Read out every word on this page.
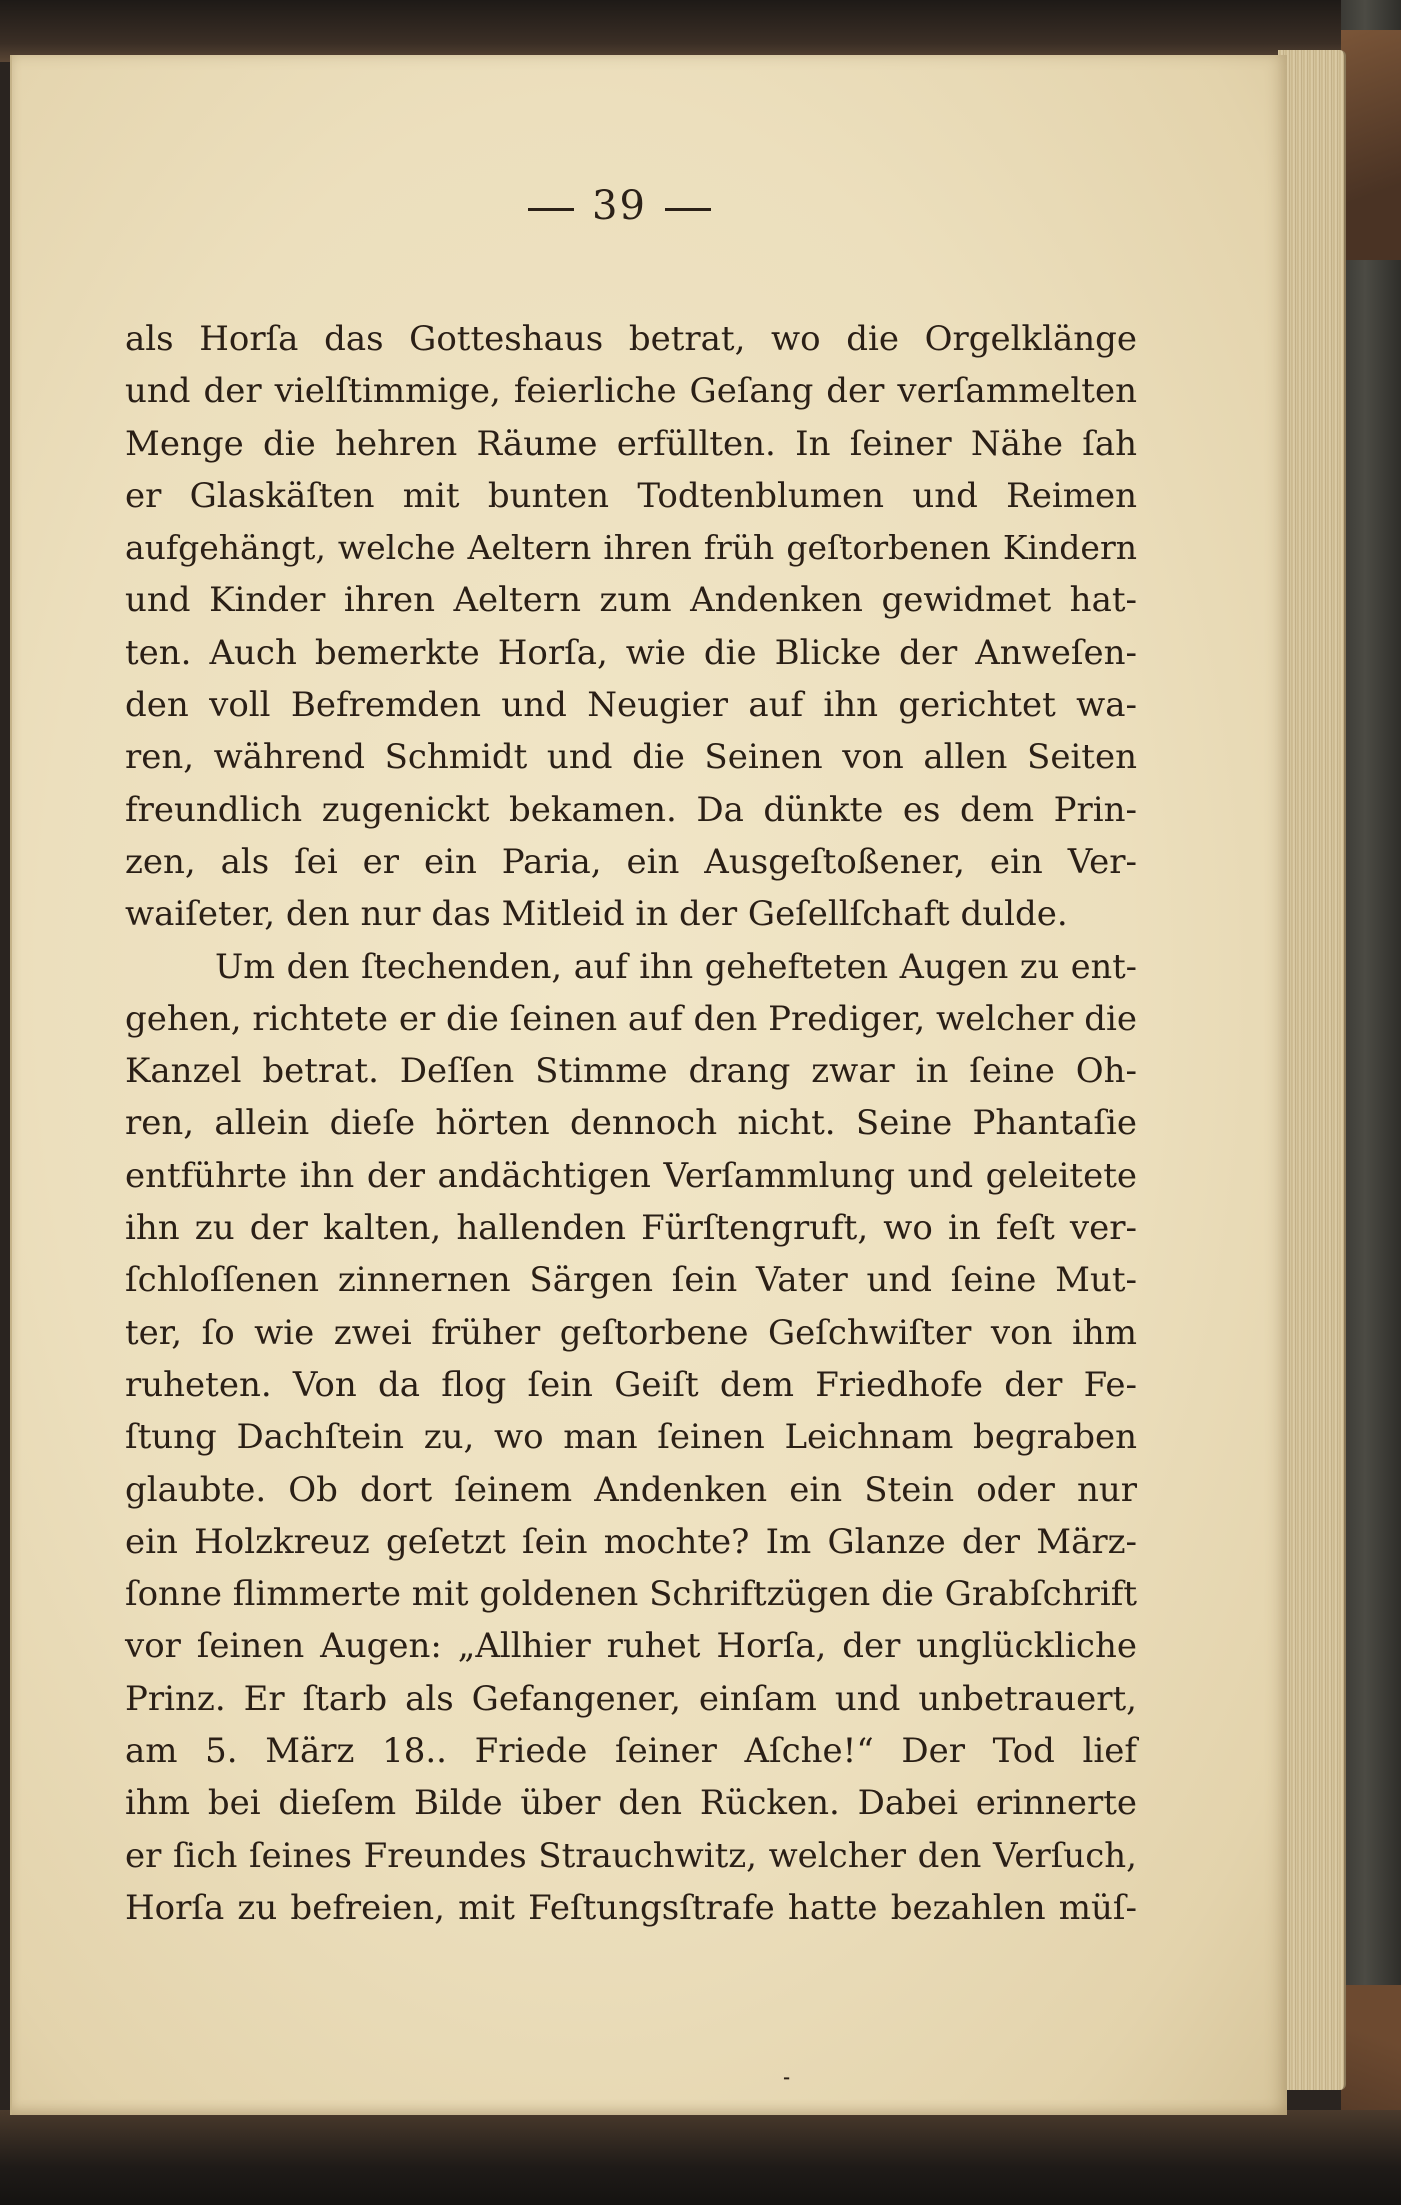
39
als Horſa das Gotteshaus betrat, wo die Orgelklänge
und der vielſtimmige, feierliche Geſang der verſammelten
Menge die hehren Räume erfüllten. In ſeiner Nähe ſah
er Glaskäſten mit bunten Todtenblumen und Reimen
aufgehängt, welche Aeltern ihren früh geſtorbenen Kindern
und Kinder ihren Aeltern zum Andenken gewidmet hat-
ten. Auch bemerkte Horſa, wie die Blicke der Anweſen-
den voll Befremden und Neugier auf ihn gerichtet wa-
ren, während Schmidt und die Seinen von allen Seiten
freundlich zugenickt bekamen. Da dünkte es dem Prin-
zen, als ſei er ein Paria, ein Ausgeſtoßener, ein Ver-
waiſeter, den nur das Mitleid in der Geſellſchaft dulde.
Um den ſtechenden, auf ihn gehefteten Augen zu ent-
gehen, richtete er die ſeinen auf den Prediger, welcher die
Kanzel betrat. Deſſen Stimme drang zwar in ſeine Oh-
ren, allein dieſe hörten dennoch nicht. Seine Phantaſie
entführte ihn der andächtigen Verſammlung und geleitete
ihn zu der kalten, hallenden Fürſtengruft, wo in feſt ver-
ſchloſſenen zinnernen Särgen ſein Vater und ſeine Mut-
ter, ſo wie zwei früher geſtorbene Geſchwiſter von ihm
ruheten. Von da flog ſein Geiſt dem Friedhofe der Fe-
ſtung Dachſtein zu, wo man ſeinen Leichnam begraben
glaubte. Ob dort ſeinem Andenken ein Stein oder nur
ein Holzkreuz geſetzt ſein mochte? Im Glanze der März-
ſonne flimmerte mit goldenen Schriftzügen die Grabſchrift
vor ſeinen Augen: „Allhier ruhet Horſa, der unglückliche
Prinz. Er ſtarb als Gefangener, einſam und unbetrauert,
am 5. März 18.. Friede ſeiner Aſche!“ Der Tod lief
ihm bei dieſem Bilde über den Rücken. Dabei erinnerte
er ſich ſeines Freundes Strauchwitz, welcher den Verſuch,
Horſa zu befreien, mit Feſtungsſtrafe hatte bezahlen müſ-
⁃
